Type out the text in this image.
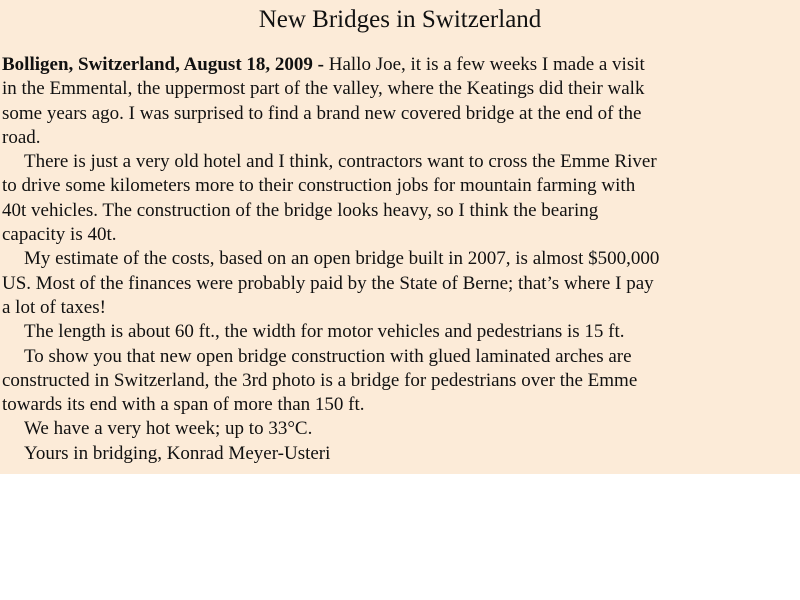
New Bridges in Switzerland
Bolligen, Switzerland, August 18, 2009 - Hallo Joe, it is a few weeks I made a visit
in the Emmental, the uppermost part of the valley, where the Keatings did their walk
some years ago. I was surprised to find a brand new covered bridge at the end of the
road.
There is just a very old hotel and I think, contractors want to cross the Emme River
to drive some kilometers more to their construction jobs for mountain farming with
40t vehicles. The construction of the bridge looks heavy, so I think the bearing
capacity is 40t.
My estimate of the costs, based on an open bridge built in 2007, is almost $500,000
US. Most of the finances were probably paid by the State of Berne; that’s where I pay
a lot of taxes!
The length is about 60 ft., the width for motor vehicles and pedestrians is 15 ft.
To show you that new open bridge construction with glued laminated arches are
constructed in Switzerland, the 3rd photo is a bridge for pedestrians over the Emme
towards its end with a span of more than 150 ft.
We have a very hot week; up to 33°C.
Yours in bridging, Konrad Meyer-Usteri
